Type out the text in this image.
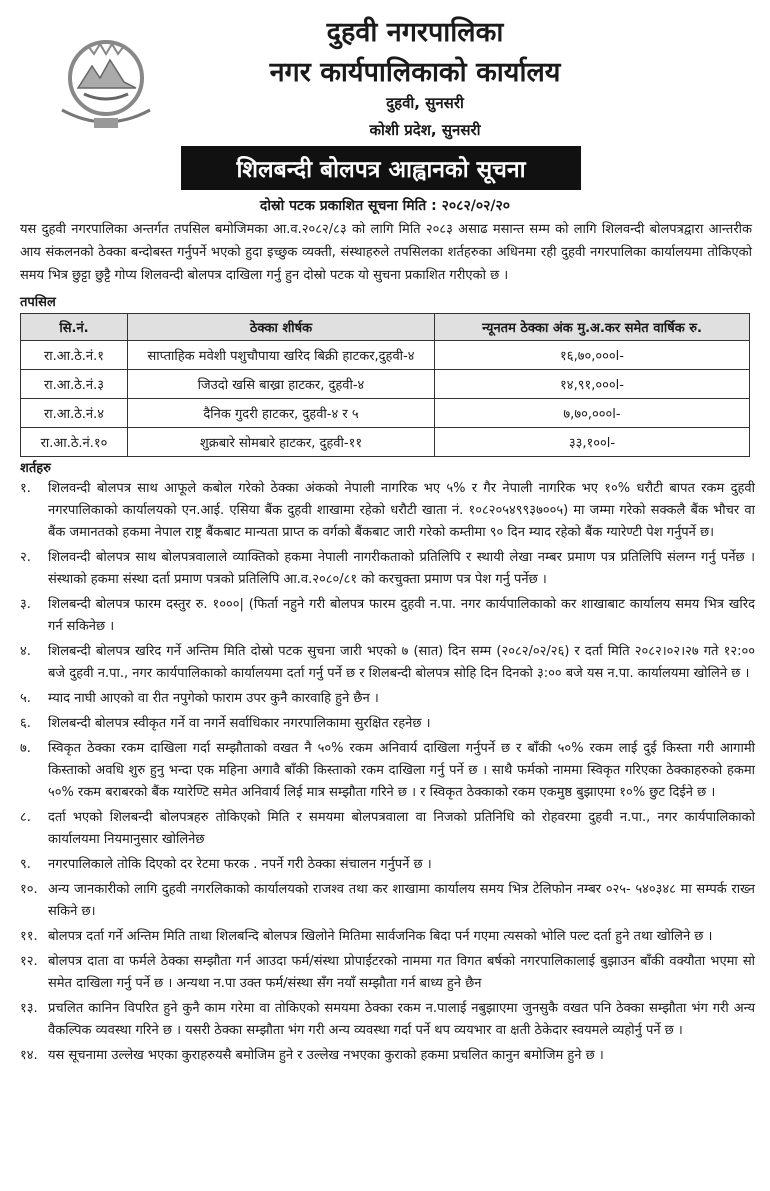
दुहवी नगरपालिका
नगर कार्यपालिकाको कार्यालय
दुहवी, सुनसरी
कोशी प्रदेश, सुनसरी
शिलबन्दी बोलपत्र आह्वानको सूचना
दोस्रो पटक प्रकाशित सूचना मिति : २०८२/०२/२०
यस दुहवी नगरपालिका अन्तर्गत तपसिल बमोजिमका आ.व.२०८२/८३ को लागि मिति २०८३ असाढ मसान्त सम्म को लागि शिलवन्दी बोलपत्रद्वारा आन्तरीक आय संकलनको ठेक्का बन्दोबस्त गर्नुपर्ने भएको हुदा इच्छुक व्यक्ती, संस्थाहरुले तपसिलका शर्तहरुका अधिनमा रही दुहवी नगरपालिका कार्यालयमा तोकिएको समय भित्र छुट्टा छुट्टै गोप्य शिलवन्दी बोलपत्र दाखिला गर्नु हुन दोस्रो पटक यो सुचना प्रकाशित गरीएको छ ।
तपसिल
सि.नं.	ठेक्का शीर्षक	न्यूनतम ठेक्का अंक मु.अ.कर समेत वार्षिक रु.
रा.आ.ठे.नं.१	साप्ताहिक मवेशी पशुचौपाया खरिद बिक्री हाटकर,दुहवी-४	१६,७०,०००l-
रा.आ.ठे.नं.३	जिउदो खसि बाख्रा हाटकर, दुहवी-४	१४,९१,०००l-
रा.आ.ठे.नं.४	दैनिक गुदरी हाटकर, दुहवी-४ र ५	७,७०,०००l-
रा.आ.ठे.नं.१०	शुक्रबारे सोमबारे हाटकर, दुहवी-११	३३,१००l-
शर्तहरु
१.	शिलवन्दी बोलपत्र साथ आफूले कबोल गरेको ठेक्का अंकको नेपाली नागरिक भए ५% र गैर नेपाली नागरिक भए १०% धरौटी बापत रकम दुहवी नगरपालिकाको कार्यालयको एन.आई. एसिया बैंक दुहवी शाखामा रहेको धरौटी खाता नं. १०८२०५४९९३७००५) मा जम्मा गरेको सक्कलै बैंक भौचर वा बैंक जमानतको हकमा नेपाल राष्ट्र बैंकबाट मान्यता प्राप्त क वर्गको बैंकबाट जारी गरेको कम्तीमा ९० दिन म्याद रहेको बैंक ग्यारेण्टी पेश गर्नुपर्ने छ।
२.	शिलवन्दी बोलपत्र साथ बोलपत्रवालाले व्याक्तिको हकमा नेपाली नागरीकताको प्रतिलिपि र स्थायी लेखा नम्बर प्रमाण पत्र प्रतिलिपि संलग्न गर्नु पर्नेछ । संस्थाको हकमा संस्था दर्ता प्रमाण पत्रको प्रतिलिपि आ.व.२०८०/८१ को करचुक्ता प्रमाण पत्र पेश गर्नु पर्नेछ ।
३.	शिलबन्दी बोलपत्र फारम दस्तुर रु. १०००| (फिर्ता नहुने गरी बोलपत्र फारम दुहवी न.पा. नगर कार्यपालिकाको कर शाखाबाट कार्यालय समय भित्र खरिद गर्न सकिनेछ ।
४.	शिलबन्दी बोलपत्र खरिद गर्ने अन्तिम मिति दोस्रो पटक सुचना जारी भएको ७ (सात) दिन सम्म (२०८२/०२/२६) र दर्ता मिति २०८२।०२।२७ गते १२:०० बजे दुहवी न.पा., नगर कार्यपालिकाको कार्यालयमा दर्ता गर्नु पर्ने छ र शिलबन्दी बोलपत्र सोहि दिन दिनको ३:०० बजे यस न.पा. कार्यालयमा खोलिने छ ।
५.	म्याद नाघी आएको वा रीत नपुगेको फाराम उपर कुनै कारवाहि हुने छैन ।
६.	शिलबन्दी बोलपत्र स्वीकृत गर्ने वा नगर्ने सर्वाधिकार नगरपालिकामा सुरक्षित रहनेछ ।
७.	स्विकृत ठेक्का रकम दाखिला गर्दा सम्झौताको वखत नै ५०% रकम अनिवार्य दाखिला गर्नुपर्ने छ र बाँकी ५०% रकम लाई दुई किस्ता गरी आगामी किस्ताको अवधि शुरु हुनु भन्दा एक महिना अगावै बाँकी किस्ताको रकम दाखिला गर्नु पर्ने छ । साथै फर्मको नाममा स्विकृत गरिएका ठेक्काहरुको हकमा ५०% रकम बराबरको बैंक ग्यारेण्टि समेत अनिवार्य लिई मात्र सम्झौता गरिने छ । र स्विकृत ठेक्काको रकम एकमुष्ठ बुझाएमा १०% छुट दिईने छ ।
८.	दर्ता भएको शिलबन्दी बोलपत्रहरु तोकिएको मिति र समयमा बोलपत्रवाला वा निजको प्रतिनिधि को रोहवरमा दुहवी न.पा., नगर कार्यपालिकाको कार्यालयमा नियमानुसार खोलिनेछ
९.	नगरपालिकाले तोकि दिएको दर रेटमा फरक . नपर्ने गरी ठेक्का संचालन गर्नुपर्ने छ ।
१०. अन्य जानकारीको लागि दुहवी नगरलिकाको कार्यालयको राजश्व तथा कर शाखामा कार्यालय समय भित्र टेलिफोन नम्बर ०२५- ५४०३४८ मा सम्पर्क राख्न सकिने छ।
११. बोलपत्र दर्ता गर्ने अन्तिम मिति ताथा शिलबन्दि बोलपत्र खिलोने मितिमा सार्वजनिक बिदा पर्न गएमा त्यसको भोलि पल्ट दर्ता हुने तथा खोलिने छ ।
१२. बोलपत्र दाता वा फर्मले ठेक्का सम्झौता गर्न आउदा फर्म/संस्था प्रोपाईटरको नाममा गत विगत बर्षको नगरपालिकालाई बुझाउन बाँकी वक्यौता भएमा सो समेत दाखिला गर्नु पर्ने छ । अन्यथा न.पा उक्त फर्म/संस्था सँग नयाँ सम्झौता गर्न बाध्य हुने छैन
१३. प्रचलित कानिन विपरित हुने कुनै काम गरेमा वा तोकिएको समयमा ठेक्का रकम न.पालाई नबुझाएमा जुनसुकै वखत पनि ठेक्का सम्झौता भंग गरी अन्य वैकल्पिक व्यवस्था गरिने छ । यसरी ठेक्का सम्झौता भंग गरी अन्य व्यवस्था गर्दा पर्ने थप व्ययभार वा क्षती ठेकेदार स्वयमले व्यहोर्नु पर्ने छ ।
१४. यस सूचनामा उल्लेख भएका कुराहरुयसै बमोजिम हुने र उल्लेख नभएका कुराको हकमा प्रचलित कानुन बमोजिम हुने छ ।
